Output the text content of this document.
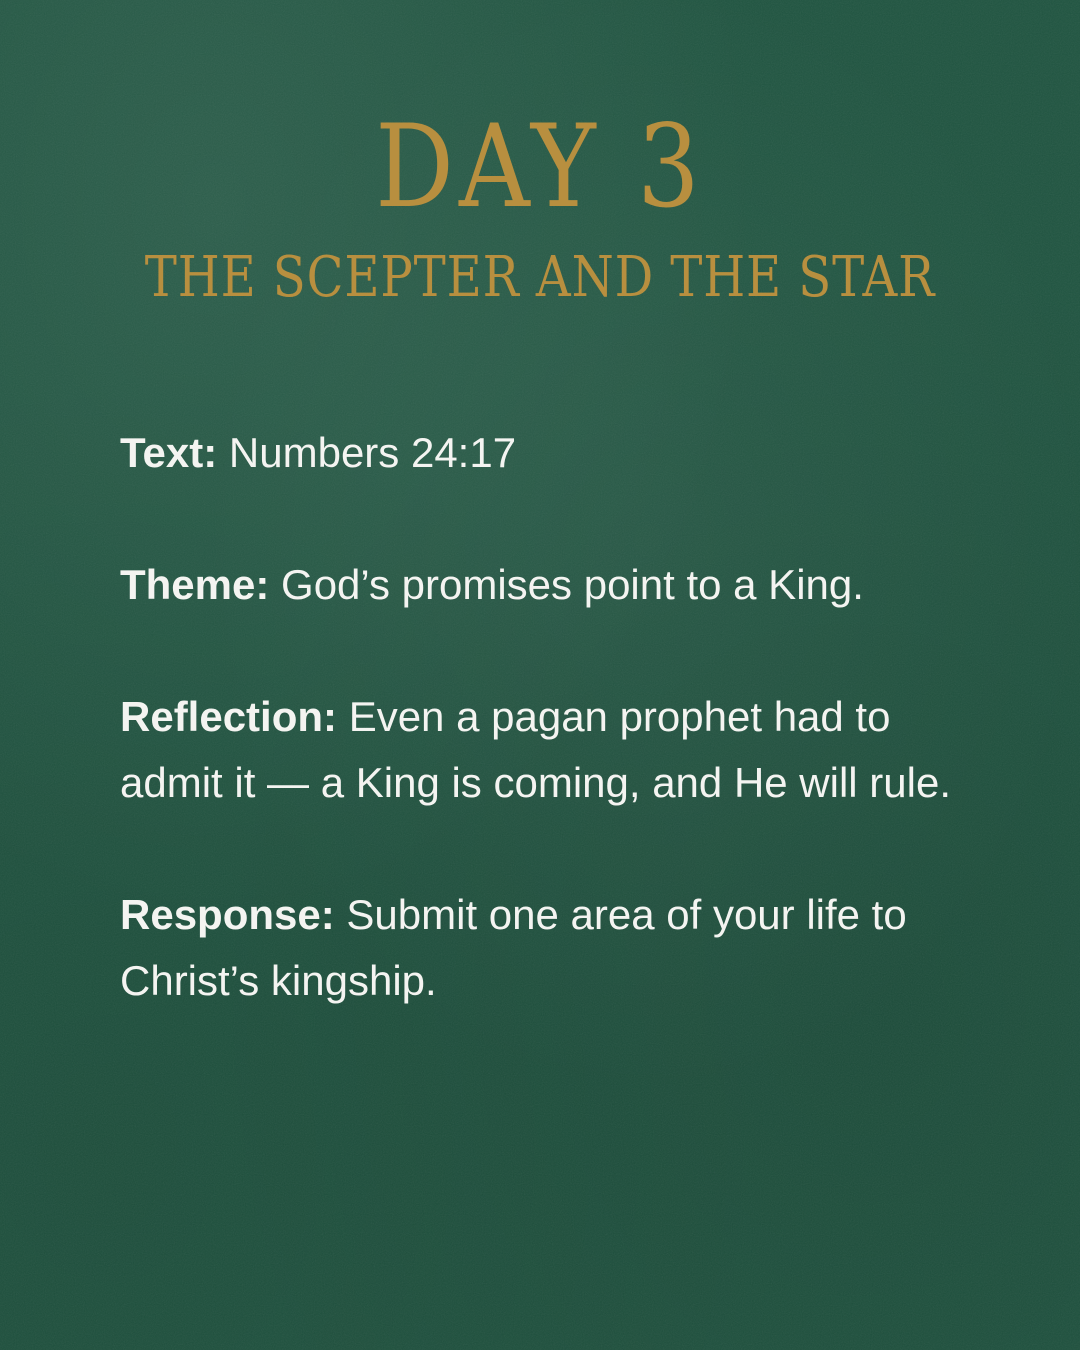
DAY 3
THE SCEPTER AND THE STAR

Text: Numbers 24:17

Theme: God’s promises point to a King.

Reflection: Even a pagan prophet had to admit it — a King is coming, and He will rule.

Response: Submit one area of your life to Christ’s kingship.
